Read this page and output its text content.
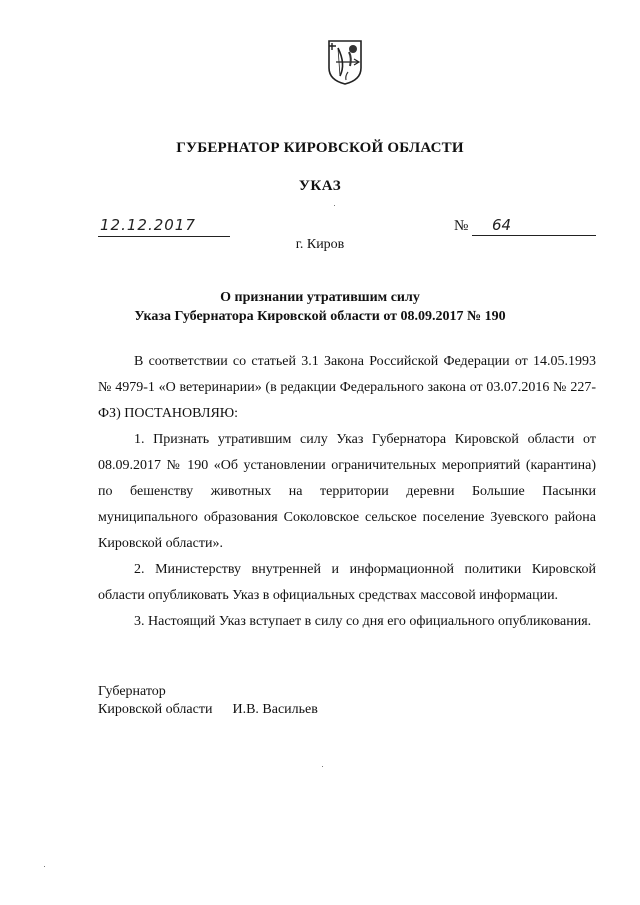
ГУБЕРНАТОР КИРОВСКОЙ ОБЛАСТИ
УКАЗ
12.12.2017	№	64
г. Киров
О признании утратившим силу
Указа Губернатора Кировской области от 08.09.2017 № 190

В соответствии со статьей 3.1 Закона Российской Федерации от 14.05.1993 № 4979-1 «О ветеринарии» (в редакции Федерального закона от 03.07.2016 № 227-ФЗ) ПОСТАНОВЛЯЮ:

1. Признать утратившим силу Указ Губернатора Кировской области от 08.09.2017 № 190 «Об установлении ограничительных мероприятий (карантина) по бешенству животных на территории деревни Большие Пасынки муниципального образования Соколовское сельское поселение Зуевского района Кировской области».

2. Министерству внутренней и информационной политики Кировской области опубликовать Указ в официальных средствах массовой информации.

3. Настоящий Указ вступает в силу со дня его официального опубликования.

Губернатор
Кировской области И.В. Васильев
